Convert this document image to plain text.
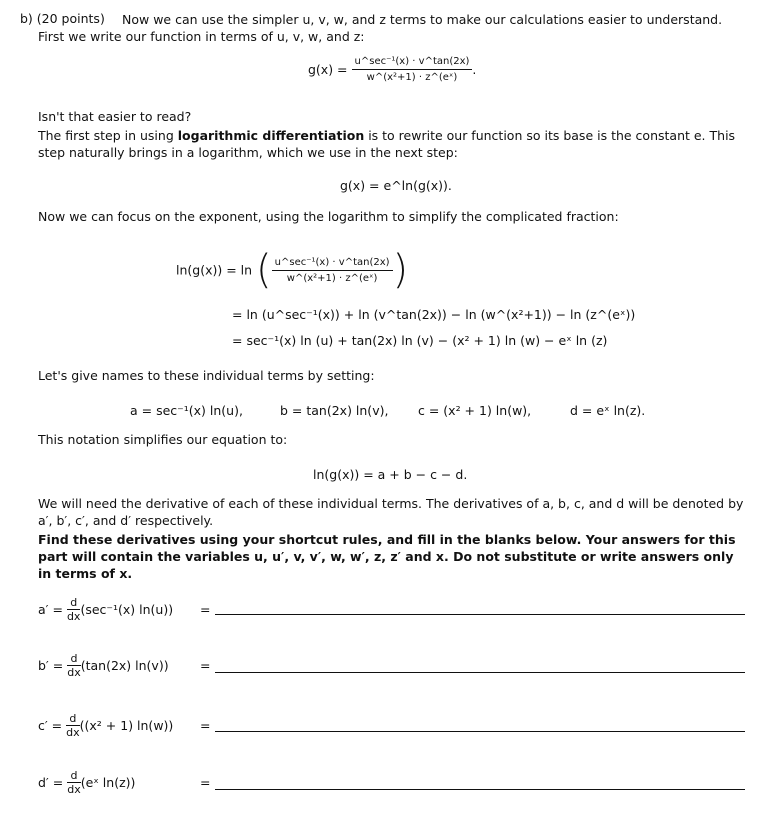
b) (20 points)	Now we can use the simpler u, v, w, and z terms to make our calculations easier to understand. First we write our function in terms of u, v, w, and z:
$g(x) = \frac{\text{u\textasciicircum{}sec⁻¹(x) · v\textasciicircum{}tan(2x)}}{\text{w\textasciicircum{}(x²+1) · z\textasciicircum{}(eˣ)}}$ .
Isn't that easier to read?
The first step in using logarithmic differentiation is to rewrite our function so its base is the constant e. This step naturally brings in a logarithm, which we use in the next step:
g(x) = e^ln(g(x)).
Now we can focus on the exponent, using the logarithm to simplify the complicated fraction:
ln(g(x)) = ln ( $\frac{\text{u\textasciicircum{}sec⁻¹(x) · v\textasciicircum{}tan(2x)}}{\text{w\textasciicircum{}(x²+1) · z\textasciicircum{}(eˣ)}}$ )
= ln (u^sec⁻¹(x)) + ln (v^tan(2x)) − ln (w^(x²+1)) − ln (z^(eˣ))
= sec⁻¹(x) ln (u) + tan(2x) ln (v) − (x² + 1) ln (w) − eˣ ln (z)
Let's give names to these individual terms by setting:
a = sec⁻¹(x) ln(u),	b = tan(2x) ln(v), c = (x² + 1) ln(w),	d = eˣ ln(z).
This notation simplifies our equation to:
ln(g(x)) = a + b − c − d.
We will need the derivative of each of these individual terms. The derivatives of a, b, c, and d will be denoted by a′, b′, c′, and d′ respectively.
Find these derivatives using your shortcut rules, and fill in the blanks below. Your answers for this part will contain the variables u, u′, v, v′, w, w′, z, z′ and x. Do not substitute or write answers only in terms of x.
$a' = \frac{d}{dx} (\sec^{-1}(x) \ln(u))$ =
$b' = \frac{d}{dx} (\tan(2x)$ ln(v))	=
$c' = \frac{d}{dx} ((x^2 + 1) \ln(w))$ =
$d' = \frac{d}{dx}$ (eˣ ln(z))	=
